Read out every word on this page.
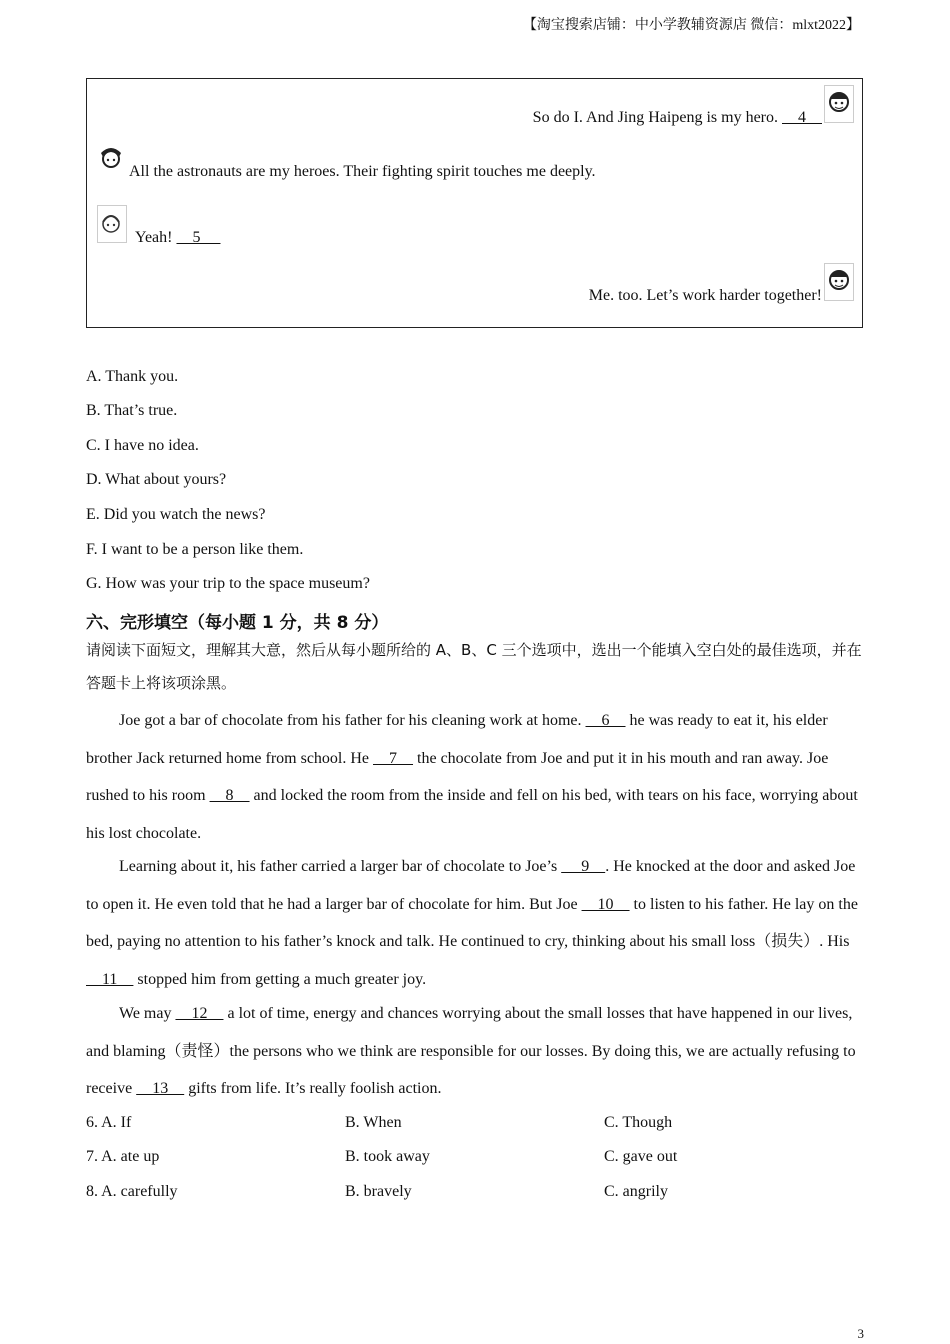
【淘宝搜索店铺：中小学教辅资源店 微信：mlxt2022】
So do I. And Jing Haipeng is my hero.     4
All the astronauts are my heroes. Their fighting spirit touches me deeply.
Yeah!     5
Me. too. Let’s work harder together!
A. Thank you.
B. That’s true.
C. I have no idea.
D. What about yours?
E. Did you watch the news?
F. I want to be a person like them.
G. How was your trip to the space museum?
六、完形填空（每小题 1 分，共 8 分）
请阅读下面短文，理解其大意，然后从每小题所给的 A、B、C 三个选项中，选出一个能填入空白处的最佳选项，并在答题卡上将该项涂黑。
Joe got a bar of chocolate from his father for his cleaning work at home.     6     he was ready to eat it, his elder brother Jack returned home from school. He     7     the chocolate from Joe and put it in his mouth and ran away. Joe rushed to his room     8     and locked the room from the inside and fell on his bed, with tears on his face, worrying about his lost chocolate.
Learning about it, his father carried a larger bar of chocolate to Joe’s      9    . He knocked at the door and asked Joe to open it. He even told that he had a larger bar of chocolate for him. But Joe     10     to listen to his father. He lay on the bed, paying no attention to his father’s knock and talk. He continued to cry, thinking about his small loss（损失）. His     11     stopped him from getting a much greater joy.
We may     12     a lot of time, energy and chances worrying about the small losses that have happened in our lives, and blaming（责怪）the persons who we think are responsible for our losses. By doing this, we are actually refusing to receive     13     gifts from life. It’s really foolish action.
6. A. If	B. When	C. Though
7. A. ate up	B. took away	C. gave out
8. A. carefully	B. bravely	C. angrily
3
